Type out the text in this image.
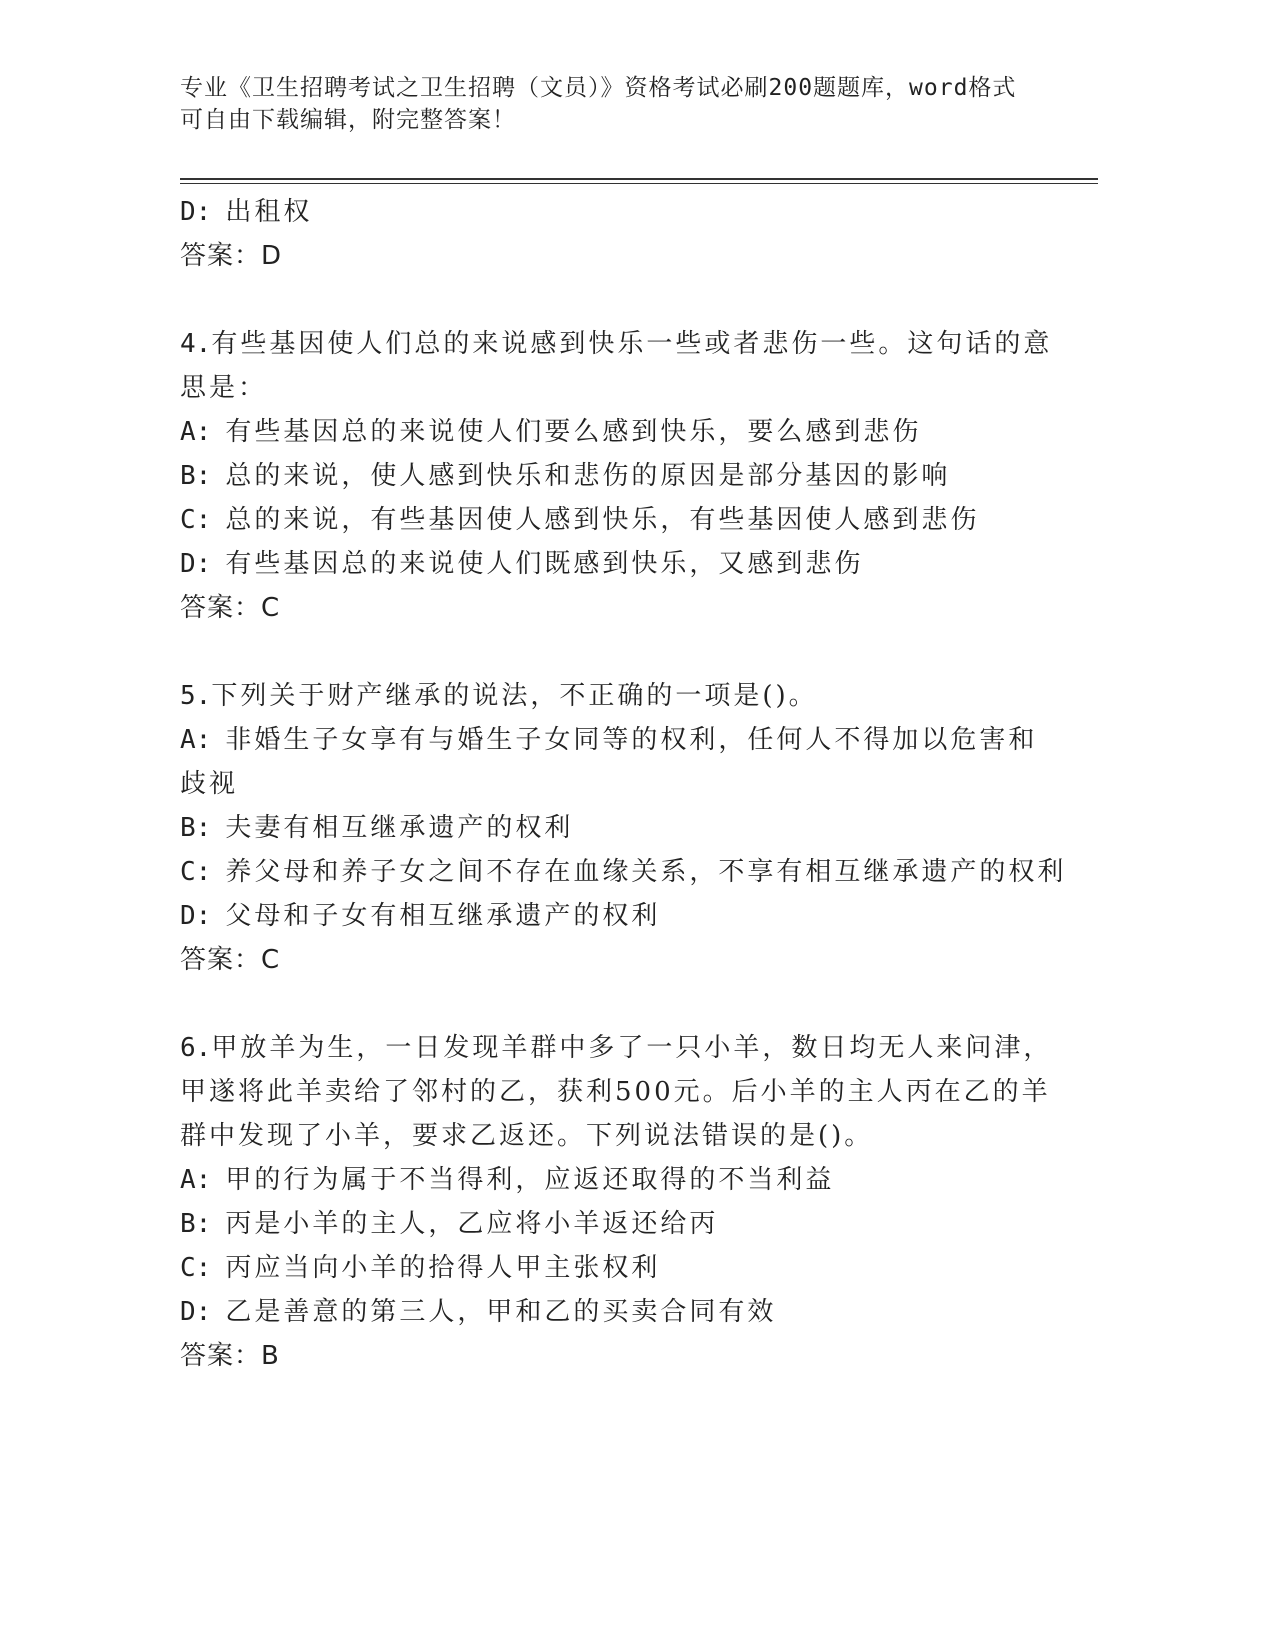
专业《卫生招聘考试之卫生招聘（文员）》资格考试必刷200题题库，word格式可自由下载编辑，附完整答案！

D: 出租权

答案：D

4.有些基因使人们总的来说感到快乐一些或者悲伤一些。这句话的意思是：

A: 有些基因总的来说使人们要么感到快乐，要么感到悲伤

B: 总的来说，使人感到快乐和悲伤的原因是部分基因的影响

C: 总的来说，有些基因使人感到快乐，有些基因使人感到悲伤

D: 有些基因总的来说使人们既感到快乐，又感到悲伤

答案：C

5.下列关于财产继承的说法，不正确的一项是()。

A: 非婚生子女享有与婚生子女同等的权利，任何人不得加以危害和歧视

B: 夫妻有相互继承遗产的权利

C: 养父母和养子女之间不存在血缘关系，不享有相互继承遗产的权利

D: 父母和子女有相互继承遗产的权利

答案：C

6.甲放羊为生，一日发现羊群中多了一只小羊，数日均无人来问津，甲遂将此羊卖给了邻村的乙，获利500元。后小羊的主人丙在乙的羊群中发现了小羊，要求乙返还。下列说法错误的是()。

A: 甲的行为属于不当得利，应返还取得的不当利益

B: 丙是小羊的主人，乙应将小羊返还给丙

C: 丙应当向小羊的拾得人甲主张权利

D: 乙是善意的第三人，甲和乙的买卖合同有效

答案：B
